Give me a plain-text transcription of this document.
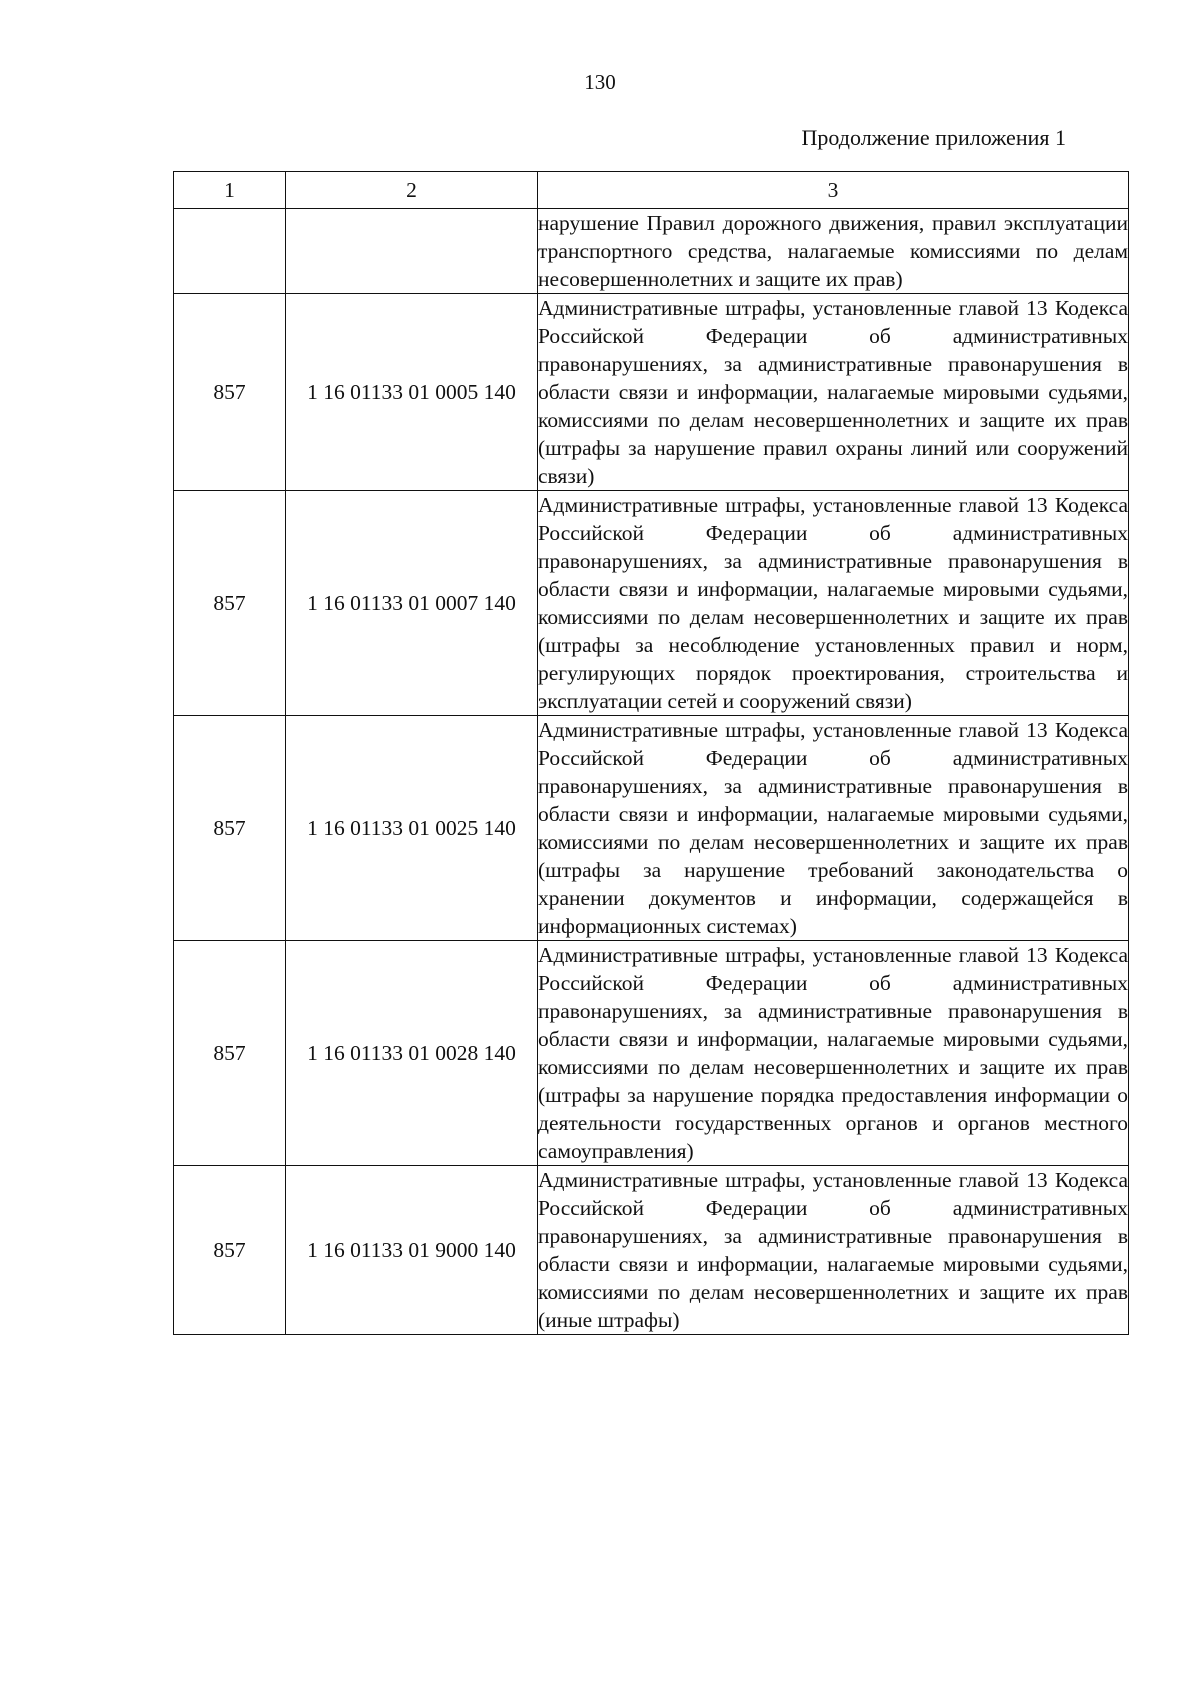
130
Продолжение приложения 1
1	2	3
		нарушение Правил дорожного движения, правил эксплуатации транспортного средства, налагаемые комиссиями по делам несовершеннолетних и защите их прав)
857	1 16 01133 01 0005 140	Административные штрафы, установленные главой 13 Кодекса Российской Федерации об административных правонарушениях, за административные правонарушения в области связи и информации, налагаемые мировыми судьями, комиссиями по делам несовершеннолетних и защите их прав (штрафы за нарушение правил охраны линий или сооружений связи)
857	1 16 01133 01 0007 140	Административные штрафы, установленные главой 13 Кодекса Российской Федерации об административных правонарушениях, за административные правонарушения в области связи и информации, налагаемые мировыми судьями, комиссиями по делам несовершеннолетних и защите их прав (штрафы за несоблюдение установленных правил и норм, регулирующих порядок проектирования, строительства и эксплуатации сетей и сооружений связи)
857	1 16 01133 01 0025 140	Административные штрафы, установленные главой 13 Кодекса Российской Федерации об административных правонарушениях, за административные правонарушения в области связи и информации, налагаемые мировыми судьями, комиссиями по делам несовершеннолетних и защите их прав (штрафы за нарушение требований законодательства о хранении документов и информации, содержащейся в информационных системах)
857	1 16 01133 01 0028 140	Административные штрафы, установленные главой 13 Кодекса Российской Федерации об административных правонарушениях, за административные правонарушения в области связи и информации, налагаемые мировыми судьями, комиссиями по делам несовершеннолетних и защите их прав (штрафы за нарушение порядка предоставления информации о деятельности государственных органов и органов местного самоуправления)
857	1 16 01133 01 9000 140	Административные штрафы, установленные главой 13 Кодекса Российской Федерации об административных правонарушениях, за административные правонарушения в области связи и информации, налагаемые мировыми судьями, комиссиями по делам несовершеннолетних и защите их прав (иные штрафы)
